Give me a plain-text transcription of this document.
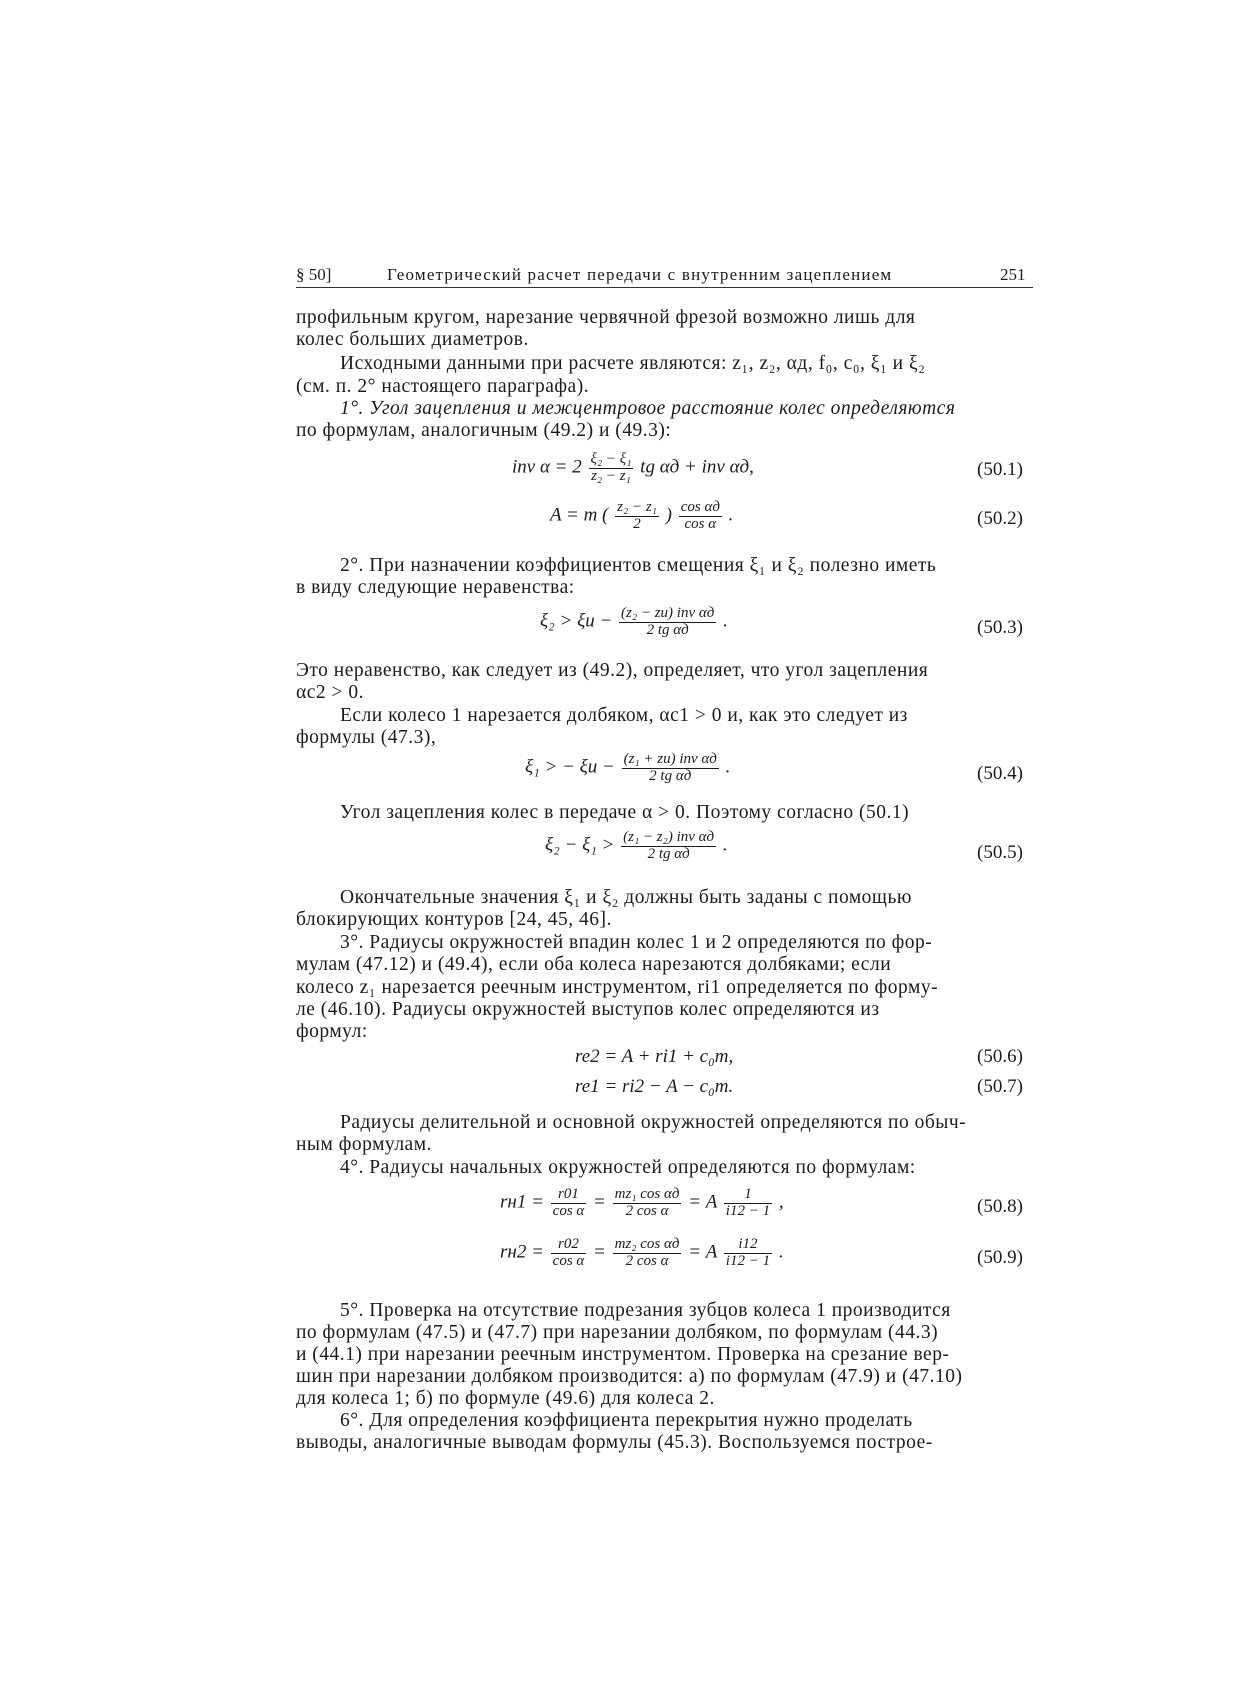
§ 50]	Геометрический расчет передачи с внутренним зацеплением	251
профильным кругом, нарезание червячной фрезой возможно лишь для
колес больших диаметров.
Исходными данными при расчете являются: z₁, z₂, αд, f₀, c₀, ξ₁ и ξ₂
(см. п. 2° настоящего параграфа).
1°. Угол зацепления и межцентровое расстояние колес определяются
по формулам, аналогичным (49.2) и (49.3):
inv $\alpha = 2 \frac{\text{ξ₂ − ξ₁}}{\text{z₂ − z₁}}$ tg αд + inv αд,	(50.1)
A = m ( $\frac{\text{z₂ − z₁}}{2}$ ) $\frac{\text{cos αд}}{\text{cos α}}$ .	(50.2)
2°. При назначении коэффициентов смещения ξ₁ и ξ₂ полезно иметь
в виду следующие неравенства:
$\xi_2 > \xi и - \frac{\text{(z₂ − zи) inv αд}}{\text{2 tg αд}}$ .	(50.3)
Это неравенство, как следует из (49.2), определяет, что угол зацепления
αc2 > 0.
Если колесо 1 нарезается долбяком, αc1 > 0 и, как это следует из
формулы (47.3),
ξ₁ > − $\xi и - \frac{\text{(z₁ + zи) inv αд}}{\text{2 tg αд}}$ .	(50.4)
Угол зацепления колес в передаче α > 0. Поэтому согласно (50.1)
$\xi_2 - \xi_1 > \frac{\text{(z₁ − z₂) inv αд}}{\text{2 tg αд}}$ .	(50.5)
Окончательные значения ξ₁ и ξ₂ должны быть заданы с помощью
блокирующих контуров [24, 45, 46].
3°. Радиусы окружностей впадин колес 1 и 2 определяются по фор-
мулам (47.12) и (49.4), если оба колеса нарезаются долбяками; если
колесо z₁ нарезается реечным инструментом, ri1 определяется по форму-
ле (46.10). Радиусы окружностей выступов колес определяются из
формул:
re2 = A + ri1 + c₀m,	(50.6)
re1 = ri2 − A − c₀m.	(50.7)
Радиусы делительной и основной окружностей определяются по обыч-
ным формулам.
4°. Радиусы начальных окружностей определяются по формулам:
$rн1 = \frac{r01}{\text{cos α}} = \frac{\text{mz₁ cos αд}}{\text{2 cos α}} = A \frac{1}{i12 - 1}$ ,	(50.8)
$rн2 = \frac{r02}{\text{cos α}} = \frac{\text{mz₂ cos αд}}{\text{2 cos α}} = A \frac{i12}{i12 - 1}$ .	(50.9)
5°. Проверка на отсутствие подрезания зубцов колеса 1 производится
по формулам (47.5) и (47.7) при нарезании долбяком, по формулам (44.3)
и (44.1) при нарезании реечным инструментом. Проверка на срезание вер-
шин при нарезании долбяком производится: а) по формулам (47.9) и (47.10)
для колеса 1; б) по формуле (49.6) для колеса 2.
6°. Для определения коэффициента перекрытия нужно проделать
выводы, аналогичные выводам формулы (45.3). Воспользуемся построе-
